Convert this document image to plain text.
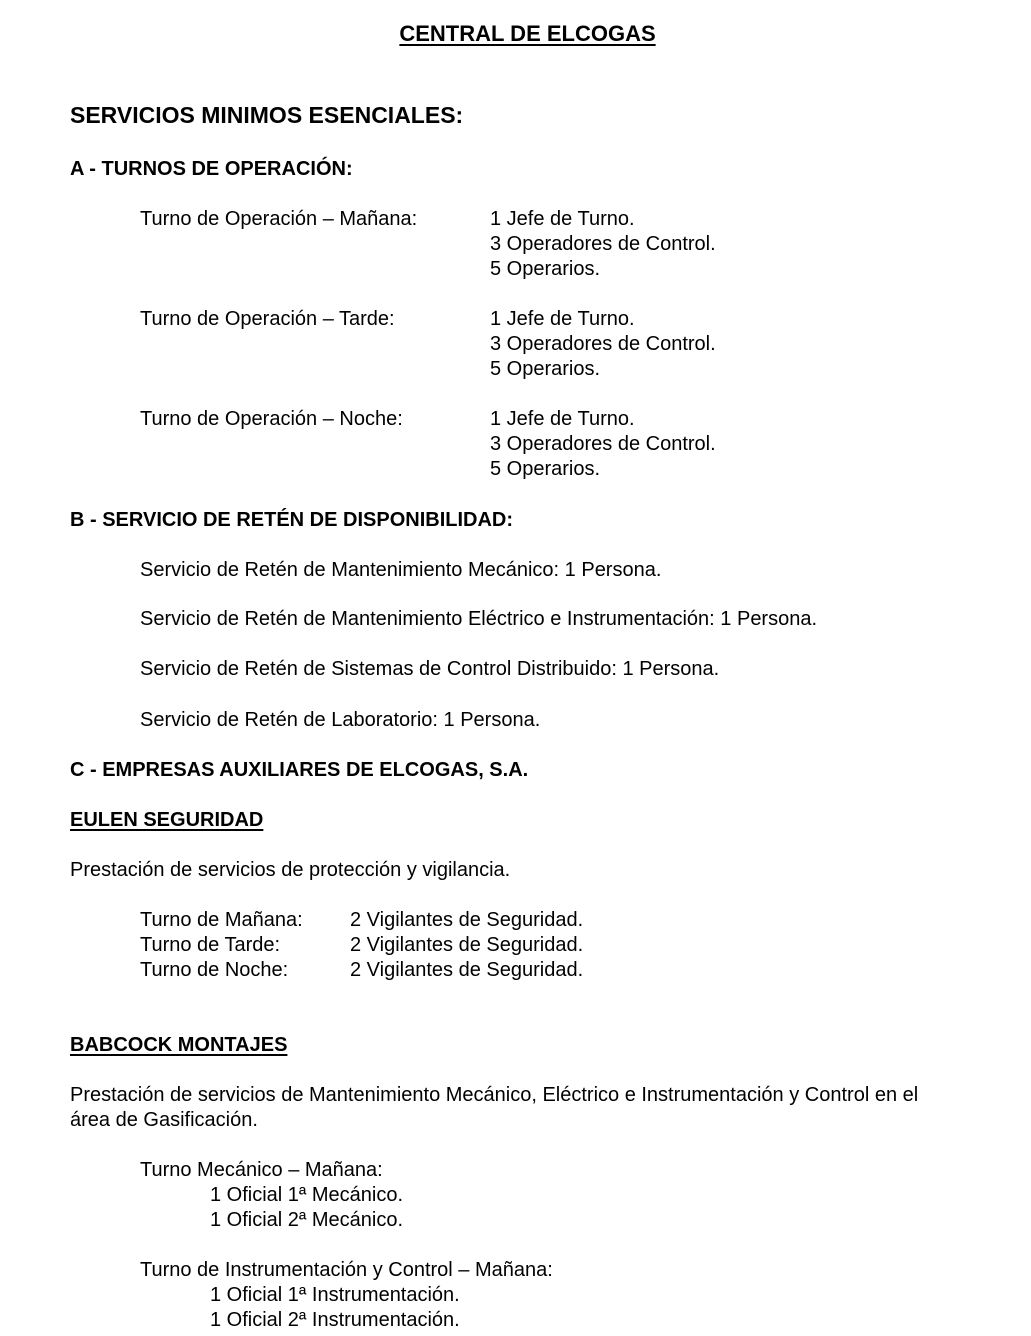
CENTRAL DE ELCOGAS
SERVICIOS MINIMOS ESENCIALES:
A - TURNOS DE OPERACIÓN:
Turno de Operación – Mañana:	1 Jefe de Turno.
3 Operadores de Control.
5 Operarios.
Turno de Operación – Tarde:	1 Jefe de Turno.
3 Operadores de Control.
5 Operarios.
Turno de Operación – Noche:	1 Jefe de Turno.
3 Operadores de Control.
5 Operarios.
B - SERVICIO DE RETÉN DE DISPONIBILIDAD:
Servicio de Retén de Mantenimiento Mecánico: 1 Persona.
Servicio de Retén de Mantenimiento Eléctrico e Instrumentación: 1 Persona.
Servicio de Retén de Sistemas de Control Distribuido: 1 Persona.
Servicio de Retén de Laboratorio: 1 Persona.
C - EMPRESAS AUXILIARES DE ELCOGAS, S.A.
EULEN SEGURIDAD
Prestación de servicios de protección y vigilancia.
Turno de Mañana: 2 Vigilantes de Seguridad.
Turno de Tarde:	2 Vigilantes de Seguridad.
Turno de Noche:	2 Vigilantes de Seguridad.
BABCOCK MONTAJES
Prestación de servicios de Mantenimiento Mecánico, Eléctrico e Instrumentación y Control en el
área de Gasificación.
Turno Mecánico – Mañana:
1 Oficial 1ª Mecánico.
1 Oficial 2ª Mecánico.
Turno de Instrumentación y Control – Mañana:
1 Oficial 1ª Instrumentación.
1 Oficial 2ª Instrumentación.
